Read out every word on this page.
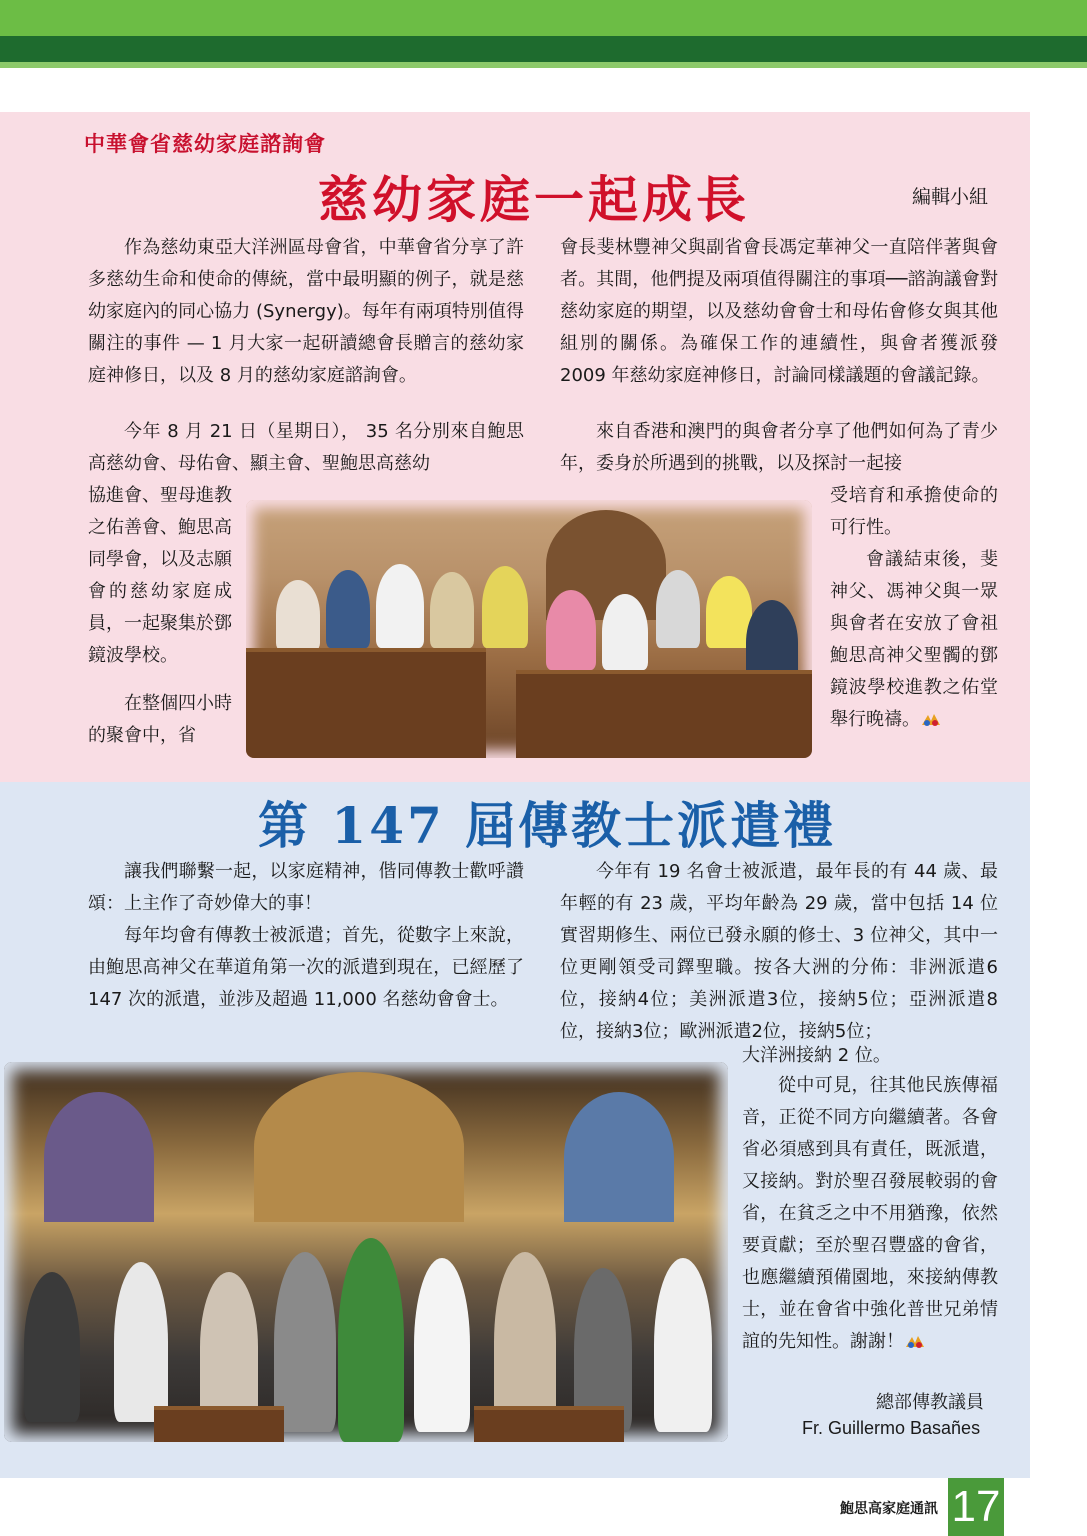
中華會省慈幼家庭諮詢會
慈幼家庭一起成長	編輯小組
作為慈幼東亞大洋洲區母會省，中華會省分享了許多慈幼生命和使命的傳統，當中最明顯的例子，就是慈幼家庭內的同心協力 (Synergy)。每年有兩項特別值得關注的事件 — 1 月大家一起研讀總會長贈言的慈幼家庭神修日，以及 8 月的慈幼家庭諮詢會。
今年 8 月 21 日（星期日）， 35 名分別來自鮑思高慈幼會、母佑會、顯主會、聖鮑思高慈幼
協進會、聖母進教之佑善會、鮑思高同學會，以及志願會的慈幼家庭成員，一起聚集於鄧鏡波學校。
在整個四小時的聚會中，省
會長斐林豐神父與副省會長馮定華神父一直陪伴著與會者。其間，他們提及兩項值得關注的事項──諮詢議會對慈幼家庭的期望，以及慈幼會會士和母佑會修女與其他組別的關係。為確保工作的連續性，與會者獲派發 2009 年慈幼家庭神修日，討論同樣議題的會議記錄。
來自香港和澳門的與會者分享了他們如何為了青少年，委身於所遇到的挑戰，以及探討一起接
受培育和承擔使命的可行性。
會議結束後，斐神父、馮神父與一眾與會者在安放了會祖鮑思高神父聖髑的鄧鏡波學校進教之佑堂舉行晚禱。
第 147 屆傳教士派遣禮
讓我們聯繫一起，以家庭精神，偕同傳教士歡呼讚頌：上主作了奇妙偉大的事！
每年均會有傳教士被派遣；首先，從數字上來說，由鮑思高神父在華道角第一次的派遣到現在，已經歷了 147 次的派遣，並涉及超過 11,000 名慈幼會會士。
今年有 19 名會士被派遣，最年長的有 44 歲、最年輕的有 23 歲，平均年齡為 29 歲，當中包括 14 位實習期修生、兩位已發永願的修士、3 位神父，其中一位更剛領受司鐸聖職。按各大洲的分佈：非洲派遣6位，接納4位；美洲派遣3位，接納5位；亞洲派遣8位，接納3位；歐洲派遣2位，接納5位；
大洋洲接納 2 位。
從中可見，往其他民族傳福音，正從不同方向繼續著。各會省必須感到具有責任，既派遣，又接納。對於聖召發展較弱的會省，在貧乏之中不用猶豫，依然要貢獻；至於聖召豐盛的會省，也應繼續預備園地，來接納傳教士，並在會省中強化普世兄弟情誼的先知性。謝謝！
總部傳教議員
Fr. Guillermo Basañes
鮑思高家庭通訊 17
